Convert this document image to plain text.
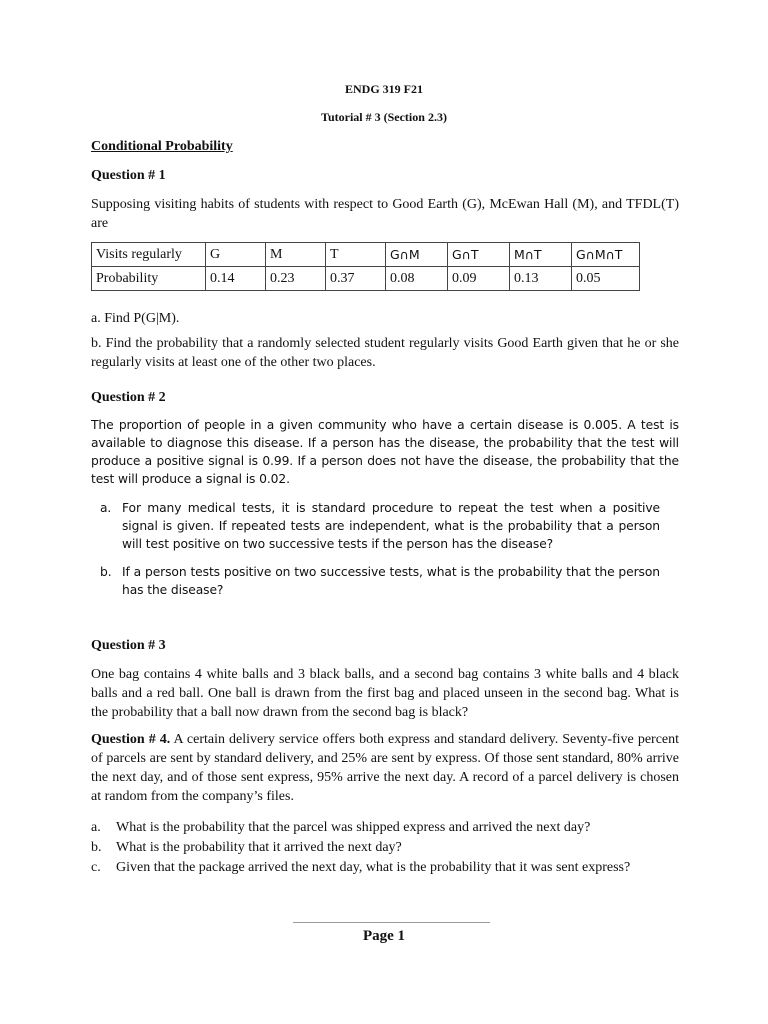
ENDG 319 F21
Tutorial # 3 (Section 2.3)
Conditional Probability
Question # 1

Supposing visiting habits of students with respect to Good Earth (G), McEwan Hall (M), and TFDL(T) are

Visits regularly	G	M	T	G∩M	G∩T	M∩T	G∩M∩T
Probability	0.14	0.23	0.37	0.08	0.09	0.13	0.05

a. Find P(G|M).

b. Find the probability that a randomly selected student regularly visits Good Earth given that he or she regularly visits at least one of the other two places.

Question # 2

The proportion of people in a given community who have a certain disease is 0.005. A test is available to diagnose this disease. If a person has the disease, the probability that the test will produce a positive signal is 0.99. If a person does not have the disease, the probability that the test will produce a signal is 0.02.

a. For many medical tests, it is standard procedure to repeat the test when a positive signal is given. If repeated tests are independent, what is the probability that a person will test positive on two successive tests if the person has the disease?
b. If a person tests positive on two successive tests, what is the probability that the person has the disease?
Question # 3

One bag contains 4 white balls and 3 black balls, and a second bag contains 3 white balls and 4 black balls and a red ball. One ball is drawn from the first bag and placed unseen in the second bag. What is the probability that a ball now drawn from the second bag is black?

Question # 4. A certain delivery service offers both express and standard delivery. Seventy-five percent of parcels are sent by standard delivery, and 25% are sent by express. Of those sent standard, 80% arrive the next day, and of those sent express, 95% arrive the next day. A record of a parcel delivery is chosen at random from the company’s files.

a. What is the probability that the parcel was shipped express and arrived the next day?
b. What is the probability that it arrived the next day?
c. Given that the package arrived the next day, what is the probability that it was sent express?
Page 1
